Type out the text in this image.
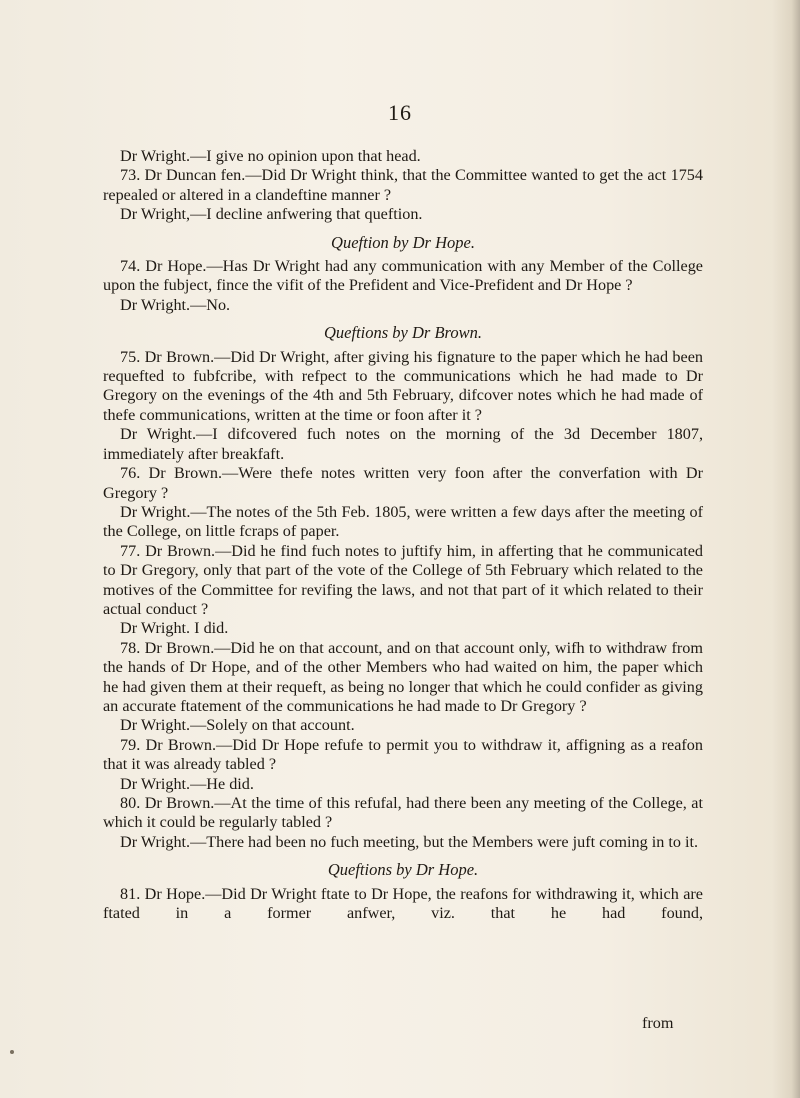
16

Dr Wright.—I give no opinion upon that head.

73. Dr Duncan fen.—Did Dr Wright think, that the Committee wanted to get the act 1754 repealed or altered in a clandeftine manner ?

Dr Wright,—I decline anfwering that queftion.

Queftion by Dr Hope.

74. Dr Hope.—Has Dr Wright had any communication with any Member of the College upon the fubject, fince the vifit of the Prefident and Vice-Prefident and Dr Hope ?

Dr Wright.—No.

Queftions by Dr Brown.

75. Dr Brown.—Did Dr Wright, after giving his fignature to the paper which he had been requefted to fubfcribe, with refpect to the communications which he had made to Dr Gregory on the evenings of the 4th and 5th February, difcover notes which he had made of thefe communications, written at the time or foon after it ?

Dr Wright.—I difcovered fuch notes on the morning of the 3d December 1807, immediately after breakfaft.

76. Dr Brown.—Were thefe notes written very foon after the converfation with Dr Gregory ?

Dr Wright.—The notes of the 5th Feb. 1805, were written a few days after the meeting of the College, on little fcraps of paper.

77. Dr Brown.—Did he find fuch notes to juftify him, in afferting that he communicated to Dr Gregory, only that part of the vote of the College of 5th February which related to the motives of the Committee for revifing the laws, and not that part of it which related to their actual conduct ?

Dr Wright. I did.

78. Dr Brown.—Did he on that account, and on that account only, wifh to withdraw from the hands of Dr Hope, and of the other Members who had waited on him, the paper which he had given them at their requeft, as being no longer that which he could confider as giving an accurate ftatement of the communications he had made to Dr Gregory ?

Dr Wright.—Solely on that account.

79. Dr Brown.—Did Dr Hope refufe to permit you to withdraw it, affigning as a reafon that it was already tabled ?

Dr Wright.—He did.

80. Dr Brown.—At the time of this refufal, had there been any meeting of the College, at which it could be regularly tabled ?

Dr Wright.—There had been no fuch meeting, but the Members were juft coming in to it.

Queftions by Dr Hope.

81. Dr Hope.—Did Dr Wright ftate to Dr Hope, the reafons for withdrawing it, which are ftated in a former anfwer, viz. that he had found,

from
